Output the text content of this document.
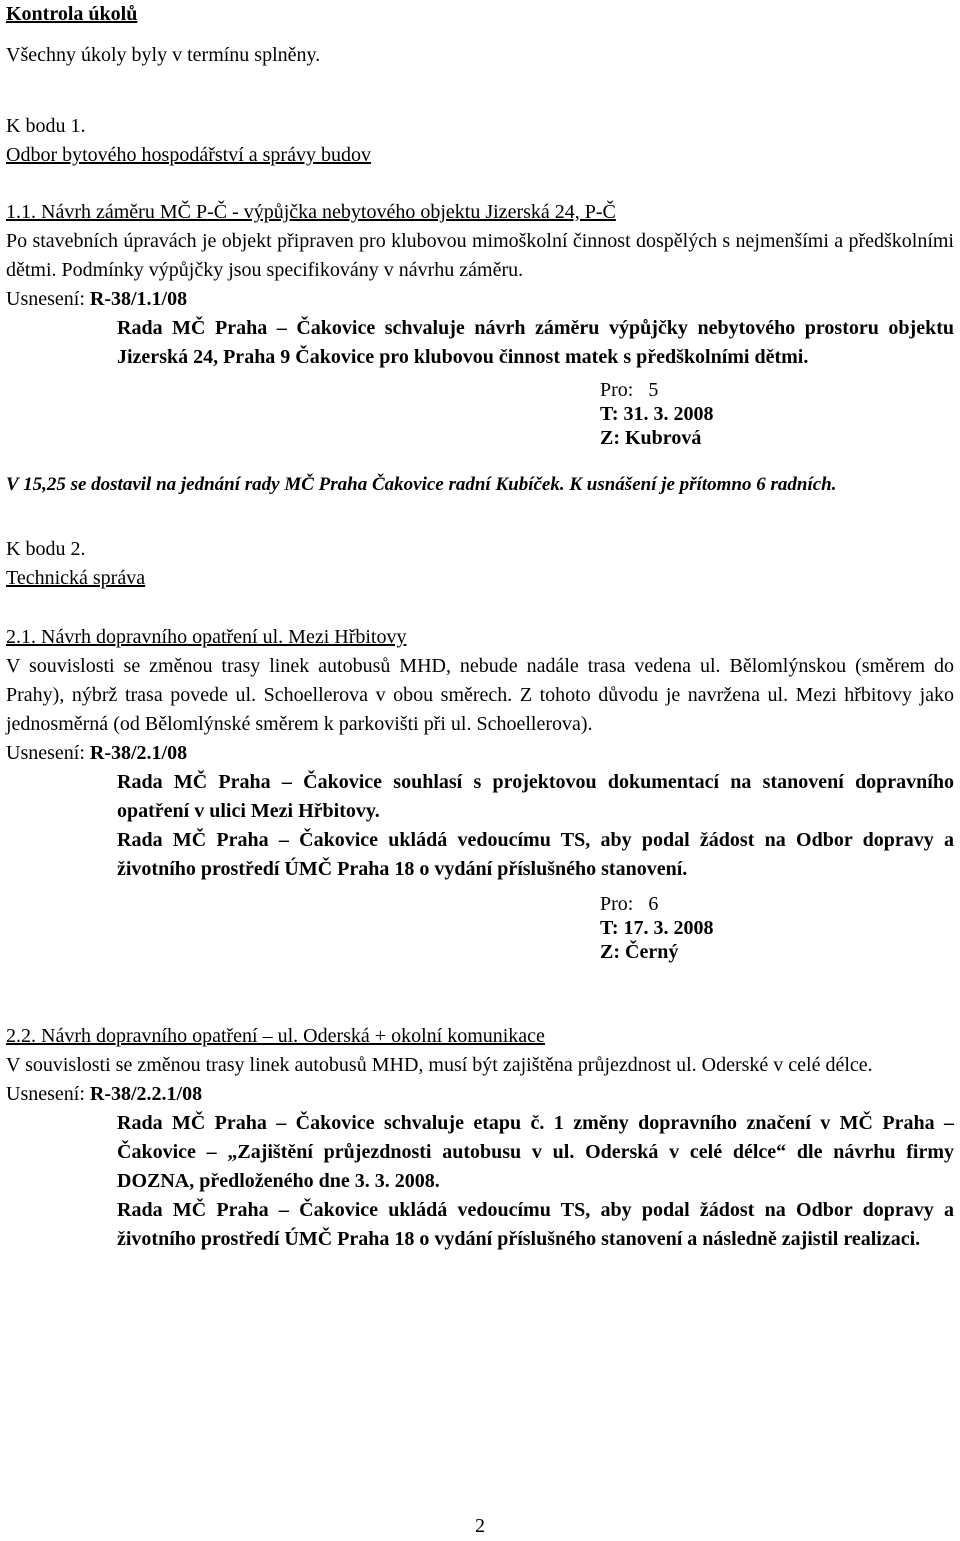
Kontrola úkolů
Všechny úkoly byly v termínu splněny.
K bodu 1.
Odbor bytového hospodářství a správy budov
1.1. Návrh záměru MČ P-Č - výpůjčka nebytového objektu Jizerská 24, P-Č
Po stavebních úpravách je objekt připraven pro klubovou mimoškolní činnost dospělých s nejmenšími a předškolními dětmi. Podmínky výpůjčky jsou specifikovány v návrhu záměru.
Usnesení: R-38/1.1/08
Rada MČ Praha – Čakovice schvaluje návrh záměru výpůjčky nebytového prostoru objektu Jizerská 24, Praha 9 Čakovice pro klubovou činnost matek s předškolními dětmi.
Pro: 5
T: 31. 3. 2008
Z: Kubrová
V 15,25 se dostavil na jednání rady MČ Praha Čakovice radní Kubíček. K usnášení je přítomno 6 radních.
K bodu 2.
Technická správa
2.1. Návrh dopravního opatření ul. Mezi Hřbitovy
V souvislosti se změnou trasy linek autobusů MHD, nebude nadále trasa vedena ul. Bělomlýnskou (směrem do Prahy), nýbrž trasa povede ul. Schoellerova v obou směrech. Z tohoto důvodu je navržena ul. Mezi hřbitovy jako jednosměrná (od Bělomlýnské směrem k parkovišti při ul. Schoellerova).
Usnesení: R-38/2.1/08
Rada MČ Praha – Čakovice souhlasí s projektovou dokumentací na stanovení dopravního opatření v ulici Mezi Hřbitovy.
Rada MČ Praha – Čakovice ukládá vedoucímu TS, aby podal žádost na Odbor dopravy a životního prostředí ÚMČ Praha 18 o vydání příslušného stanovení.
Pro: 6
T: 17. 3. 2008
Z: Černý
2.2. Návrh dopravního opatření – ul. Oderská + okolní komunikace
V souvislosti se změnou trasy linek autobusů MHD, musí být zajištěna průjezdnost ul. Oderské v celé délce.
Usnesení: R-38/2.2.1/08
Rada MČ Praha – Čakovice schvaluje etapu č. 1 změny dopravního značení v MČ Praha – Čakovice – „Zajištění průjezdnosti autobusu v ul. Oderská v celé délce“ dle návrhu firmy DOZNA, předloženého dne 3. 3. 2008.
Rada MČ Praha – Čakovice ukládá vedoucímu TS, aby podal žádost na Odbor dopravy a životního prostředí ÚMČ Praha 18 o vydání příslušného stanovení a následně zajistil realizaci.
2
